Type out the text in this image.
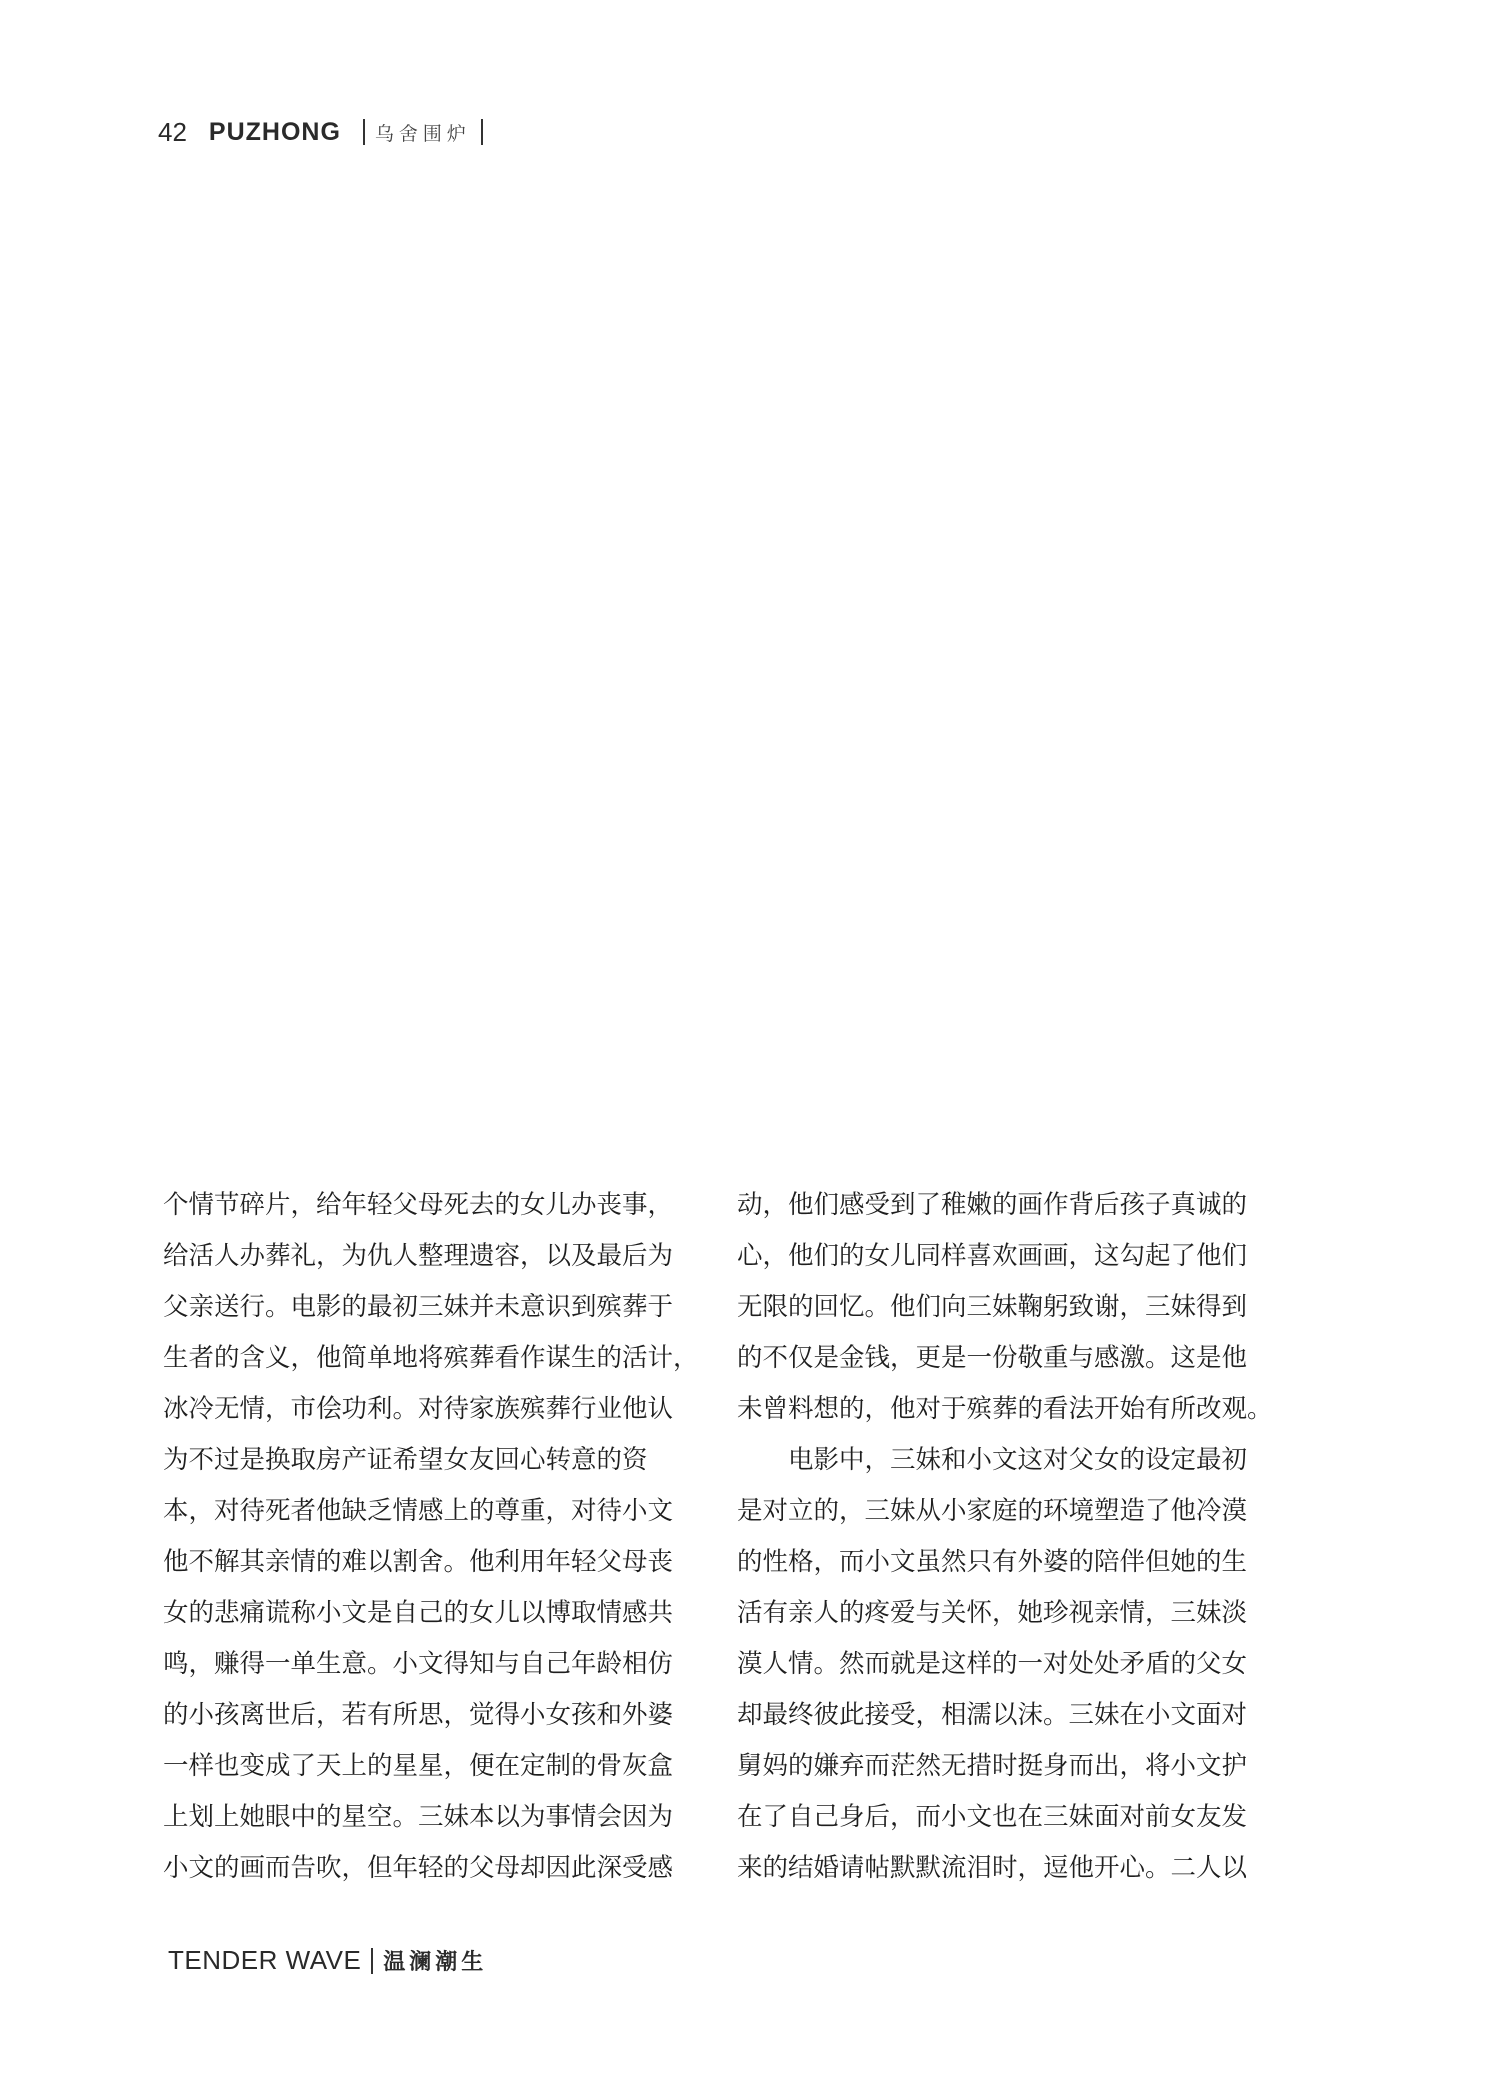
42 PUZHONG 乌舍围炉
个情节碎片，给年轻父母死去的女儿办丧事，
给活人办葬礼，为仇人整理遗容，以及最后为
父亲送行。电影的最初三妹并未意识到殡葬于
生者的含义，他简单地将殡葬看作谋生的活计，
冰冷无情，市侩功利。对待家族殡葬行业他认
为不过是换取房产证希望女友回心转意的资
本，对待死者他缺乏情感上的尊重，对待小文
他不解其亲情的难以割舍。他利用年轻父母丧
女的悲痛谎称小文是自己的女儿以博取情感共
鸣，赚得一单生意。小文得知与自己年龄相仿
的小孩离世后，若有所思，觉得小女孩和外婆
一样也变成了天上的星星，便在定制的骨灰盒
上划上她眼中的星空。三妹本以为事情会因为
小文的画而告吹，但年轻的父母却因此深受感
动，他们感受到了稚嫩的画作背后孩子真诚的
心，他们的女儿同样喜欢画画，这勾起了他们
无限的回忆。他们向三妹鞠躬致谢，三妹得到
的不仅是金钱，更是一份敬重与感激。这是他
未曾料想的，他对于殡葬的看法开始有所改观。
电影中，三妹和小文这对父女的设定最初
是对立的，三妹从小家庭的环境塑造了他冷漠
的性格，而小文虽然只有外婆的陪伴但她的生
活有亲人的疼爱与关怀，她珍视亲情，三妹淡
漠人情。然而就是这样的一对处处矛盾的父女
却最终彼此接受，相濡以沫。三妹在小文面对
舅妈的嫌弃而茫然无措时挺身而出，将小文护
在了自己身后，而小文也在三妹面对前女友发
来的结婚请帖默默流泪时，逗他开心。二人以
TENDER WAVE 温澜潮生
